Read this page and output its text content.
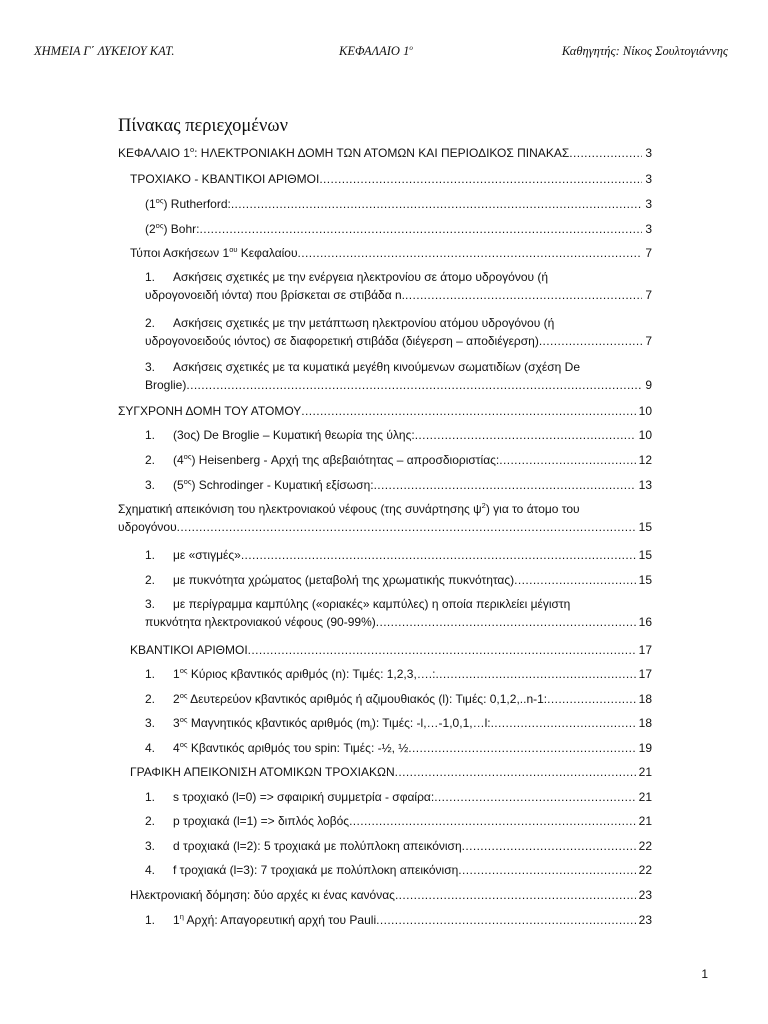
ΧΗΜΕΙΑ Γ΄ ΛΥΚΕΙΟΥ ΚΑΤ.	ΚΕΦΑΛΑΙΟ $1^o$	Καθηγητής: Νίκος Σουλτογιάννης
Πίνακας περιεχομένων
ΚΕΦΑΛΑΙΟ $1^o$: ΗΛΕΚΤΡΟΝΙΑΚΗ ΔΟΜΗ ΤΩΝ ΑΤΟΜΩΝ ΚΑΙ ΠΕΡΙΟΔΙΚΟΣ ΠΙΝΑΚΑΣ .....	3
ΤΡΟΧΙΑΚΟ - ΚΒΑΝΤΙΚΟΙ ΑΡΙΘΜΟΙ .....	3
$(1^{o\varsigma})$ Rutherford: .....	3
$(2^{o\varsigma})$ Bohr: .....	3
Τύποι Ασκήσεων $1^{o\upsilon}$ Κεφαλαίου .....	7
1. Ασκήσεις σχετικές με την ενέργεια ηλεκτρονίου σε άτομο υδρογόνου (ή
υδρογονοειδή ιόντα) που βρίσκεται σε στιβάδα n. .....	7
2. Ασκήσεις σχετικές με την μετάπτωση ηλεκτρονίου ατόμου υδρογόνου (ή
υδρογονοειδούς ιόντος) σε διαφορετική στιβάδα (διέγερση – αποδιέγερση) .....	7
3. Ασκήσεις σχετικές με τα κυματικά μεγέθη κινούμενων σωματιδίων (σχέση De
Broglie) .....	9
ΣΥΓΧΡΟΝΗ ΔΟΜΗ ΤΟΥ ΑΤΟΜΟΥ .....	10
1. (3ος) De Broglie – Κυματική θεωρία της ύλης: .....	10
2. $(4^{o\varsigma})$ Heisenberg - Αρχή της αβεβαιότητας – απροσδιοριστίας: .....	12
3. $(5^{o\varsigma})$ Schrodinger - Κυματική εξίσωση: .....	13
Σχηματική απεικόνιση του ηλεκτρονιακού νέφους (της συνάρτησης $\psi^2$) για το άτομο του
υδρογόνου .....	15
1. με «στιγμές» .....	15
2. με πυκνότητα χρώματος (μεταβολή της χρωματικής πυκνότητας) .....	15
3. με περίγραμμα καμπύλης («οριακές» καμπύλες) η οποία περικλείει μέγιστη
πυκνότητα ηλεκτρονιακού νέφους (90-99%) .....	16
ΚΒΑΝΤΙΚΟΙ ΑΡΙΘΜΟΙ .....	17
1. $1^{o\varsigma}$ Κύριος κβαντικός αριθμός (n): Τιμές: 1,2,3,….: .....	17
2. $2^{o\varsigma}$ Δευτερεύον κβαντικός αριθμός ή αζιμουθιακός (l): Τιμές: 0,1,2,..n-1: .....	18
3. $3^{o\varsigma}$ Μαγνητικός κβαντικός αριθμός $(m_l)$: Τιμές: -l,…-1,0,1,…l: .....	18
4. $4^{o\varsigma}$ Κβαντικός αριθμός του spin: Τιμές: -½, ½ .....	19
ΓΡΑΦΙΚΗ ΑΠΕΙΚΟΝΙΣΗ ΑΤΟΜΙΚΩΝ ΤΡΟΧΙΑΚΩΝ .....	21
1. s τροχιακό (l=0) => σφαιρική συμμετρία - σφαίρα: .....	21
2. p τροχιακά (l=1) => διπλός λοβός .....	21
3. d τροχιακά (l=2): 5 τροχιακά με πολύπλοκη απεικόνιση .....	22
4. f τροχιακά (l=3): 7 τροχιακά με πολύπλοκη απεικόνιση .....	22
Ηλεκτρονιακή δόμηση: δύο αρχές κι ένας κανόνας .....	23
1. $1^\eta$ Αρχή: Απαγορευτική αρχή του Pauli .....	23
1
